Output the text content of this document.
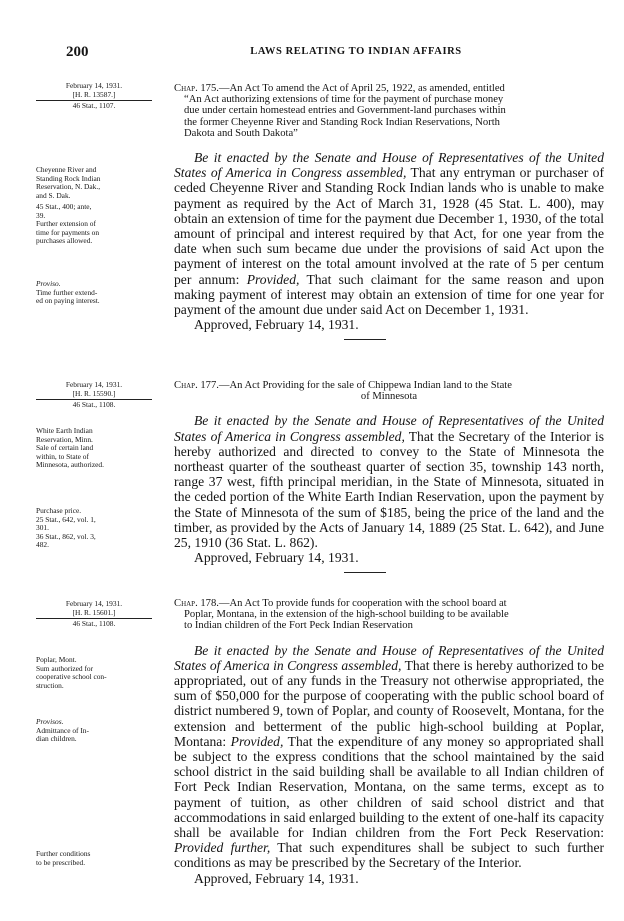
200	LAWS RELATING TO INDIAN AFFAIRS
February 14, 1931.
[H. R. 13587.]
46 Stat., 1107.
Chap. 175.—An Act To amend the Act of April 25, 1922, as amended, entitled
“An Act authorizing extensions of time for the payment of purchase money
due under certain homestead entries and Government-land purchases within
the former Cheyenne River and Standing Rock Indian Reservations, North
Dakota and South Dakota”

Be it enacted by the Senate and House of Representatives of the United States of America in Congress assembled, That any entryman or purchaser of ceded Cheyenne River and Standing Rock Indian lands who is unable to make payment as required by the Act of March 31, 1928 (45 Stat. L. 400), may obtain an extension of time for the payment due December 1, 1930, of the total amount of principal and interest required by that Act, for one year from the date when such sum became due under the provisions of said Act upon the payment of interest on the total amount involved at the rate of 5 per centum per annum: Provided, That such claimant for the same reason and upon making payment of interest may obtain an extension of time for one year for payment of the amount due under said Act on December 1, 1931.

Approved, February 14, 1931.
Cheyenne River and
Standing Rock Indian
Reservation, N. Dak.,
and S. Dak.
45 Stat., 400; ante,
39.
Further extension of
time for payments on
purchases allowed.
Proviso.
Time further extend-
ed on paying interest.
February 14, 1931.
[H. R. 15590.]
46 Stat., 1108.
Chap. 177.—An Act Providing for the sale of Chippewa Indian land to the State

of Minnesota

Be it enacted by the Senate and House of Representatives of the United States of America in Congress assembled, That the Secretary of the Interior is hereby authorized and directed to convey to the State of Minnesota the northeast quarter of the southeast quarter of section 35, township 143 north, range 37 west, fifth principal meridian, in the State of Minnesota, situated in the ceded portion of the White Earth Indian Reservation, upon the payment by the State of Minnesota of the sum of $185, being the price of the land and the timber, as provided by the Acts of January 14, 1889 (25 Stat. L. 642), and June 25, 1910 (36 Stat. L. 862).

Approved, February 14, 1931.
White Earth Indian
Reservation, Minn.
Sale of certain land
within, to State of
Minnesota, authorized.
Purchase price.
25 Stat., 642, vol. 1,
301.
36 Stat., 862, vol. 3,
482.
February 14, 1931.
[H. R. 15601.]
46 Stat., 1108.
Chap. 178.—An Act To provide funds for cooperation with the school board at
Poplar, Montana, in the extension of the high-school building to be available
to Indian children of the Fort Peck Indian Reservation

Be it enacted by the Senate and House of Representatives of the United States of America in Congress assembled, That there is hereby authorized to be appropriated, out of any funds in the Treasury not otherwise appropriated, the sum of $50,000 for the purpose of cooperating with the public school board of district numbered 9, town of Poplar, and county of Roosevelt, Montana, for the extension and betterment of the public high-school building at Poplar, Montana: Provided, That the expenditure of any money so appropriated shall be subject to the express conditions that the school maintained by the said school district in the said building shall be available to all Indian children of Fort Peck Indian Reservation, Montana, on the same terms, except as to payment of tuition, as other children of said school district and that accommodations in said enlarged building to the extent of one-half its capacity shall be available for Indian children from the Fort Peck Reservation: Provided further, That such expenditures shall be subject to such further conditions as may be prescribed by the Secretary of the Interior.

Approved, February 14, 1931.
Poplar, Mont.
Sum authorized for
cooperative school con-
struction.
Provisos.
Admittance of In-
dian children.
Further conditions
to be prescribed.
